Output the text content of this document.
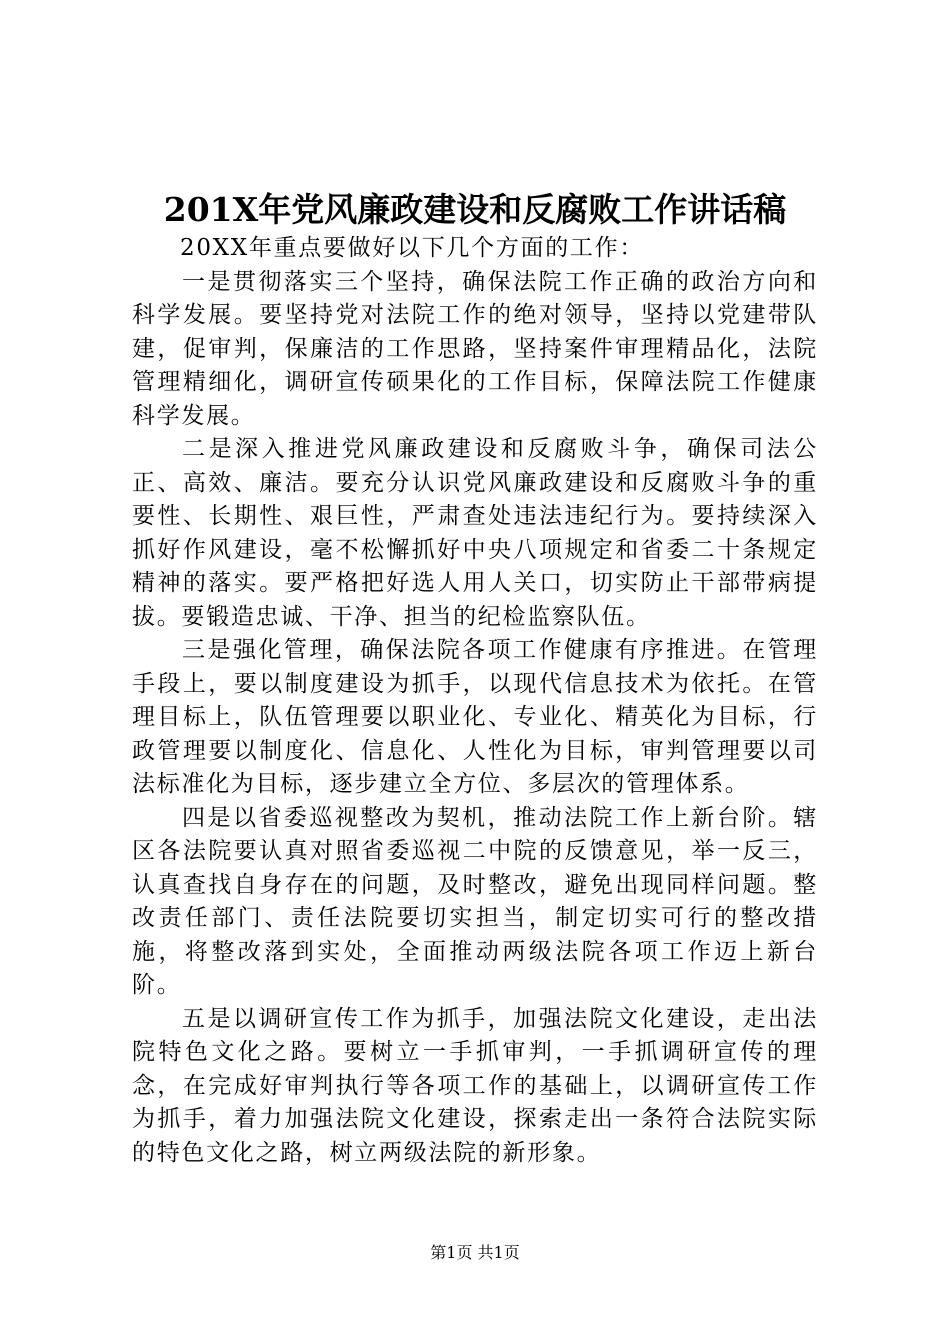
201X年党风廉政建设和反腐败工作讲话稿

20XX年重点要做好以下几个方面的工作：

一是贯彻落实三个坚持，确保法院工作正确的政治方向和科学发展。要坚持党对法院工作的绝对领导，坚持以党建带队建，促审判，保廉洁的工作思路，坚持案件审理精品化，法院管理精细化，调研宣传硕果化的工作目标，保障法院工作健康科学发展。

二是深入推进党风廉政建设和反腐败斗争，确保司法公正、高效、廉洁。要充分认识党风廉政建设和反腐败斗争的重要性、长期性、艰巨性，严肃查处违法违纪行为。要持续深入抓好作风建设，毫不松懈抓好中央八项规定和省委二十条规定精神的落实。要严格把好选人用人关口，切实防止干部带病提拔。要锻造忠诚、干净、担当的纪检监察队伍。

三是强化管理，确保法院各项工作健康有序推进。在管理手段上，要以制度建设为抓手，以现代信息技术为依托。在管理目标上，队伍管理要以职业化、专业化、精英化为目标，行政管理要以制度化、信息化、人性化为目标，审判管理要以司法标准化为目标，逐步建立全方位、多层次的管理体系。

四是以省委巡视整改为契机，推动法院工作上新台阶。辖区各法院要认真对照省委巡视二中院的反馈意见，举一反三，认真查找自身存在的问题，及时整改，避免出现同样问题。整改责任部门、责任法院要切实担当，制定切实可行的整改措施，将整改落到实处，全面推动两级法院各项工作迈上新台阶。

五是以调研宣传工作为抓手，加强法院文化建设，走出法院特色文化之路。要树立一手抓审判，一手抓调研宣传的理念，在完成好审判执行等各项工作的基础上，以调研宣传工作为抓手，着力加强法院文化建设，探索走出一条符合法院实际的特色文化之路，树立两级法院的新形象。

第1页 共1页
